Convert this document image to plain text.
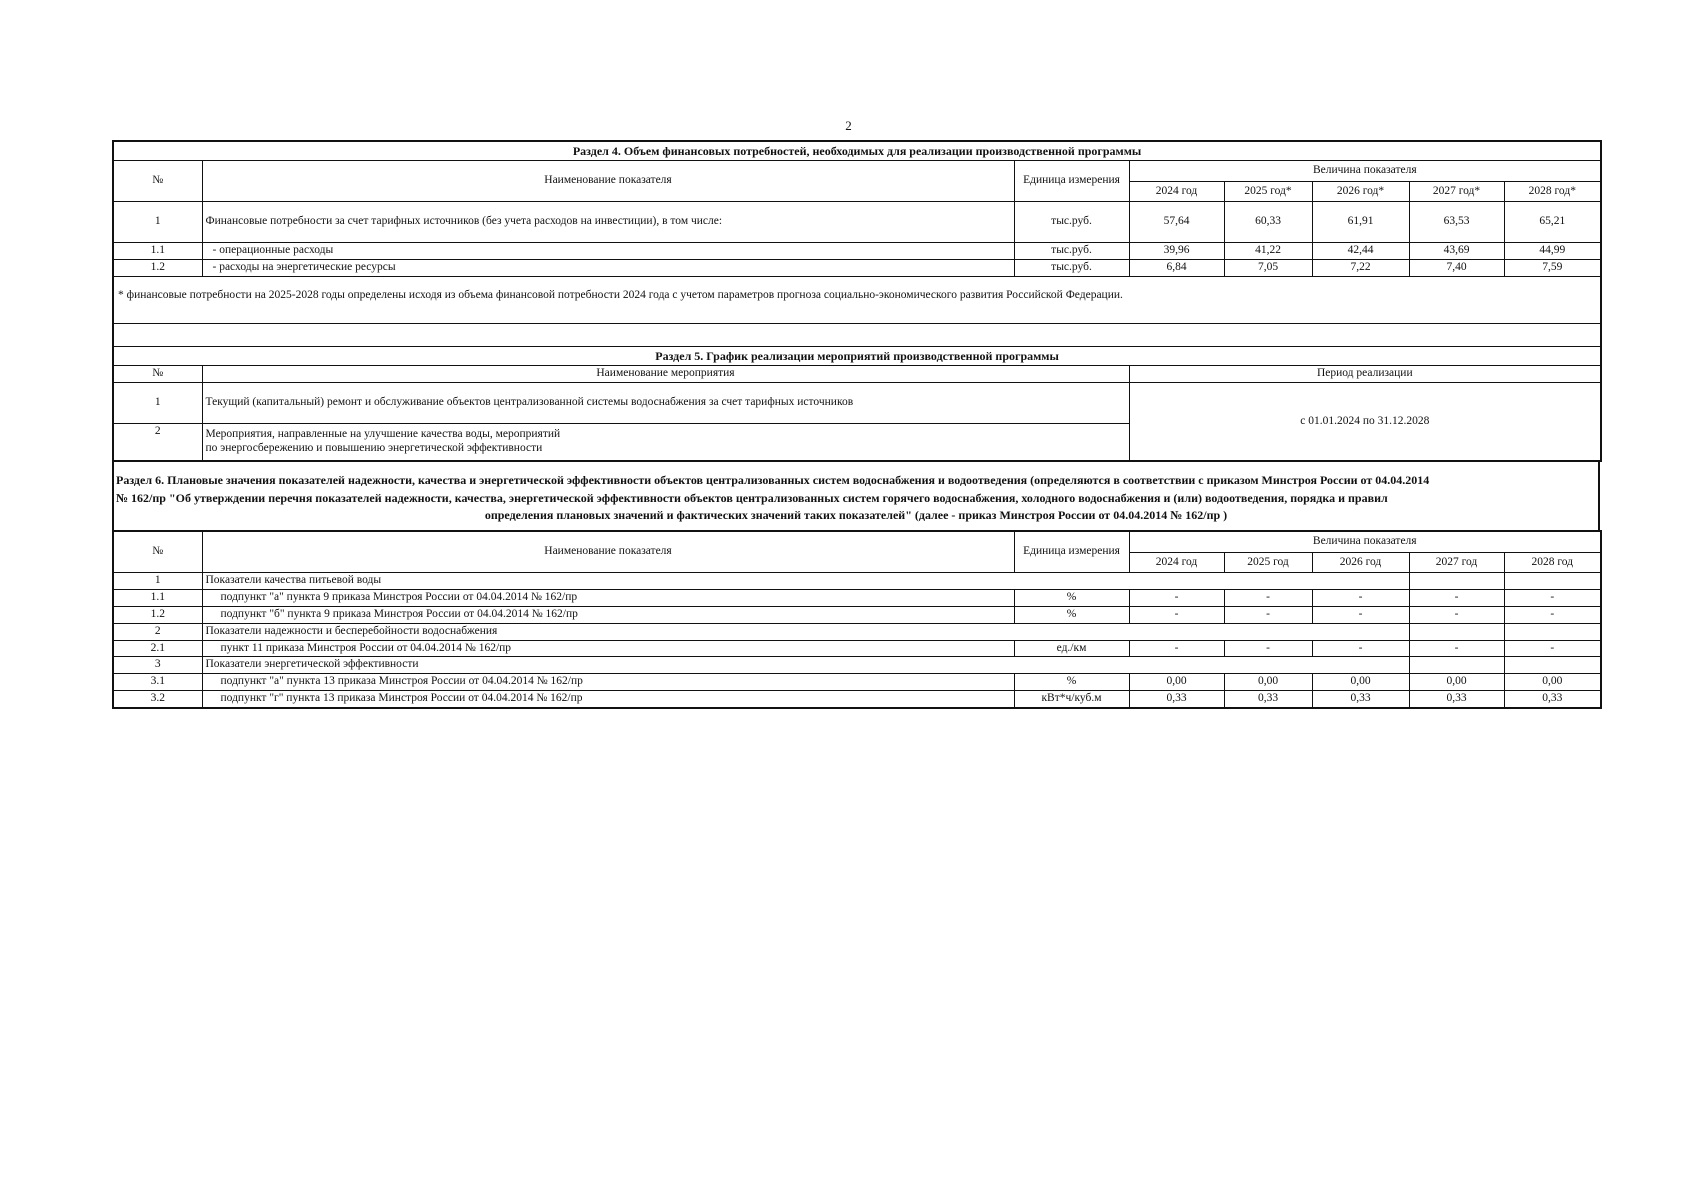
2
Раздел 4. Объем финансовых потребностей, необходимых для реализации производственной программы							
№	Наименование показателя	Единица измерения	Величина показателя				
			2024 год	2025 год*	2026 год*	2027 год*	2028 год*
1	Финансовые потребности за счет тарифных источников (без учета расходов на инвестиции), в том числе:	тыс.руб.	57,64	60,33	61,91	63,53	65,21
1.1	- операционные расходы	тыс.руб.	39,96	41,22	42,44	43,69	44,99
1.2	- расходы на энергетические ресурсы	тыс.руб.	6,84	7,05	7,22	7,40	7,59
* финансовые потребности на 2025-2028 годы определены исходя из объема финансовой потребности 2024 года с учетом параметров прогноза социально-экономического развития Российской Федерации.							

Раздел 5. График реализации мероприятий производственной программы							
№	Наименование мероприятия		Период реализации				
1	Текущий (капитальный) ремонт и обслуживание объектов централизованной системы водоснабжения за счет тарифных источников		с 01.01.2024 по 31.12.2028				
2	Мероприятия, направленные на улучшение качества воды, мероприятий
по энергосбережению и повышению энергетической эффективности						
Раздел 6. Плановые значения показателей надежности, качества и энергетической эффективности объектов централизованных систем водоснабжения и водоотведения (определяются в соответствии с приказом Минстроя России от 04.04.2014
№ 162/пр "Об утверждении перечня показателей надежности, качества, энергетической эффективности объектов централизованных систем горячего водоснабжения, холодного водоснабжения и (или) водоотведения, порядка и правил
определения плановых значений и фактических значений таких показателей" (далее - приказ Минстроя России от 04.04.2014 № 162/пр )
№	Наименование показателя	Единица измерения	Величина показателя				
			2024 год	2025 год	2026 год	2027 год	2028 год
1	Показатели качества питьевой воды						
1.1	подпункт "а" пункта 9 приказа Минстроя России от 04.04.2014 № 162/пр	%	-	-	-	-	-
1.2	подпункт "б" пункта 9 приказа Минстроя России от 04.04.2014 № 162/пр	%	-	-	-	-	-
2	Показатели надежности и бесперебойности водоснабжения						
2.1	пункт 11 приказа Минстроя России от 04.04.2014 № 162/пр	ед./км	-	-	-	-	-
3	Показатели энергетической эффективности						
3.1	подпункт "а" пункта 13 приказа Минстроя России от 04.04.2014 № 162/пр	%	0,00	0,00	0,00	0,00	0,00
3.2	подпункт "г" пункта 13 приказа Минстроя России от 04.04.2014 № 162/пр	кВт*ч/куб.м	0,33	0,33	0,33	0,33	0,33
